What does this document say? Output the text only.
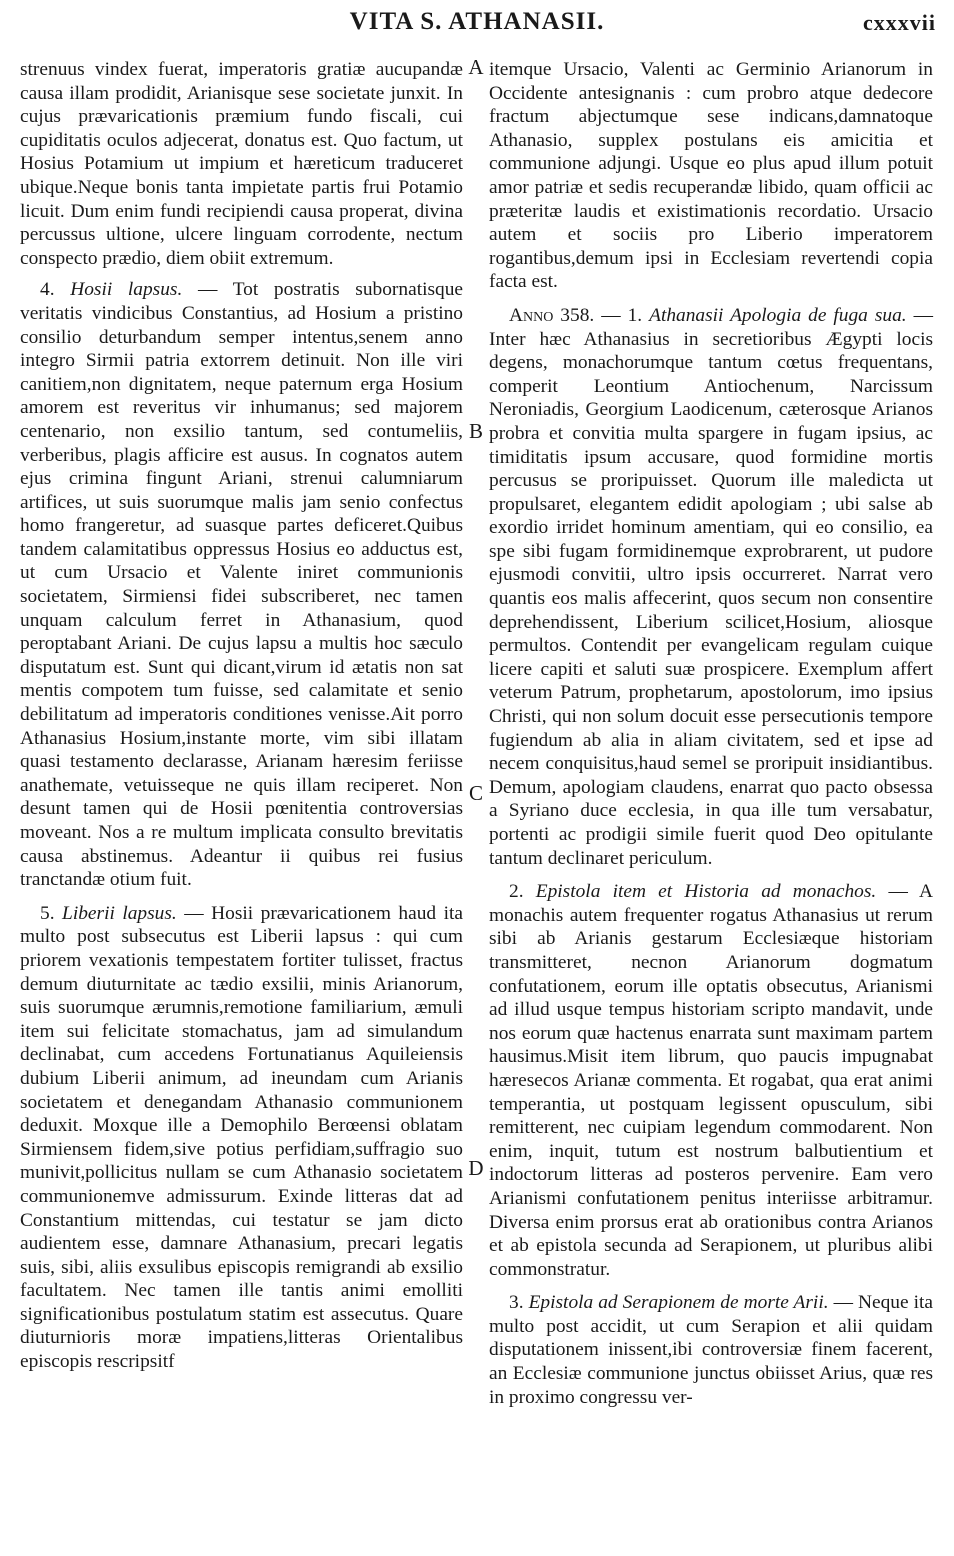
VITA S. ATHANASII.	cxxxvii
A
B
C
D

strenuus vindex fuerat, imperatoris gratiæ aucupandæ causa illam prodidit, Arianisque sese societate junxit. In cujus prævaricationis præmium fundo fiscali, cui cupiditatis oculos adjecerat, donatus est. Quo factum, ut Hosius Potamium ut impium et hæreticum traduceret ubique.Neque bonis tanta impietate partis frui Potamio licuit. Dum enim fundi recipiendi causa properat, divina percussus ultione, ulcere linguam corrodente, nectum conspecto prædio, diem obiit extremum.

4. Hosii lapsus. — Tot postratis subornatisque veritatis vindicibus Constantius, ad Hosium a pristino consilio deturbandum semper intentus,senem anno integro Sirmii patria extorrem detinuit. Non ille viri canitiem,non dignitatem, neque paternum erga Hosium amorem est reveritus vir inhumanus; sed majorem centenario, non exsilio tantum, sed contumeliis, verberibus, plagis afficire est ausus. In cognatos autem ejus crimina fingunt Ariani, strenui calumniarum artifices, ut suis suorumque malis jam senio confectus homo frangeretur, ad suasque partes deficeret.Quibus tandem calamitatibus oppressus Hosius eo adductus est, ut cum Ursacio et Valente iniret communionis societatem, Sirmiensi fidei subscriberet, nec tamen unquam calculum ferret in Athanasium, quod peroptabant Ariani. De cujus lapsu a multis hoc sæculo disputatum est. Sunt qui dicant,virum id ætatis non sat mentis compotem tum fuisse, sed calamitate et senio debilitatum ad imperatoris conditiones venisse.Ait porro Athanasius Hosium,instante morte, vim sibi illatam quasi testamento declarasse, Arianam hæresim feriisse anathemate, vetuisseque ne quis illam reciperet. Non desunt tamen qui de Hosii pœnitentia controversias moveant. Nos a re multum implicata consulto brevitatis causa abstinemus. Adeantur ii quibus rei fusius tranctandæ otium fuit.

5. Liberii lapsus. — Hosii prævaricationem haud ita multo post subsecutus est Liberii lapsus : qui cum priorem vexationis tempestatem fortiter tulisset, fractus demum diuturnitate ac tædio exsilii, minis Arianorum, suis suorumque ærumnis,remotione familiarium, æmuli item sui felicitate stomachatus, jam ad simulandum declinabat, cum accedens Fortunatianus Aquileiensis dubium Liberii animum, ad ineundam cum Arianis societatem et denegandam Athanasio communionem deduxit. Moxque ille a Demophilo Berœensi oblatam Sirmiensem fidem,sive potius perfidiam,suffragio suo munivit,pollicitus nullam se cum Athanasio societatem communionemve admissurum. Exinde litteras dat ad Constantium mittendas, cui testatur se jam dicto audientem esse, damnare Athanasium, precari legatis suis, sibi, aliis exsulibus episcopis remigrandi ab exsilio facultatem. Nec tamen ille tantis animi emolliti significationibus postulatum statim est assecutus. Quare diuturnioris moræ impatiens,litteras Orientalibus episcopis rescripsitf

itemque Ursacio, Valenti ac Germinio Arianorum in Occidente antesignanis : cum probro atque dedecore fractum abjectumque sese indicans,damnatoque Athanasio, supplex postulans eis amicitia et communione adjungi. Usque eo plus apud illum potuit amor patriæ et sedis recuperandæ libido, quam officii ac præteritæ laudis et existimationis recordatio. Ursacio autem et sociis pro Liberio imperatorem rogantibus,demum ipsi in Ecclesiam revertendi copia facta est.

Anno 358. — 1. Athanasii Apologia de fuga sua. — Inter hæc Athanasius in secretioribus Ægypti locis degens, monachorumque tantum cœtus frequentans, comperit Leontium Antiochenum, Narcissum Neroniadis, Georgium Laodicenum, cæterosque Arianos probra et convitia multa spargere in fugam ipsius, ac timiditatis ipsum accusare, quod formidine mortis percusus se proripuisset. Quorum ille maledicta ut propulsaret, elegantem edidit apologiam ; ubi salse ab exordio irridet hominum amentiam, qui eo consilio, ea spe sibi fugam formidinemque exprobrarent, ut pudore ejusmodi convitii, ultro ipsis occurreret. Narrat vero quantis eos malis affecerint, quos secum non consentire deprehendissent, Liberium scilicet,Hosium, aliosque permultos. Contendit per evangelicam regulam cuique licere capiti et saluti suæ prospicere. Exemplum affert veterum Patrum, prophetarum, apostolorum, imo ipsius Christi, qui non solum docuit esse persecutionis tempore fugiendum ab alia in aliam civitatem, sed et ipse ad necem conquisitus,haud semel se proripuit insidiantibus. Demum, apologiam claudens, enarrat quo pacto obsessa a Syriano duce ecclesia, in qua ille tum versabatur, portenti ac prodigii simile fuerit quod Deo opitulante tantum declinaret periculum.

2. Epistola item et Historia ad monachos. — A monachis autem frequenter rogatus Athanasius ut rerum sibi ab Arianis gestarum Ecclesiæque historiam transmitteret, necnon Arianorum dogmatum confutationem, eorum ille optatis obsecutus, Arianismi ad illud usque tempus historiam scripto mandavit, unde nos eorum quæ hactenus enarrata sunt maximam partem hausimus.Misit item librum, quo paucis impugnabat hæresecos Arianæ commenta. Et rogabat, qua erat animi temperantia, ut postquam legissent opusculum, sibi remitterent, nec cuipiam legendum commodarent. Non enim, inquit, tutum est nostrum balbutientium et indoctorum litteras ad posteros pervenire. Eam vero Arianismi confutationem penitus interiisse arbitramur. Diversa enim prorsus erat ab orationibus contra Arianos et ab epistola secunda ad Serapionem, ut pluribus alibi commonstratur.

3. Epistola ad Serapionem de morte Arii. — Neque ita multo post accidit, ut cum Serapion et alii quidam disputationem inissent,ibi controversiæ finem facerent, an Ecclesiæ communione junctus obiisset Arius, quæ res in proximo congressu ver-
